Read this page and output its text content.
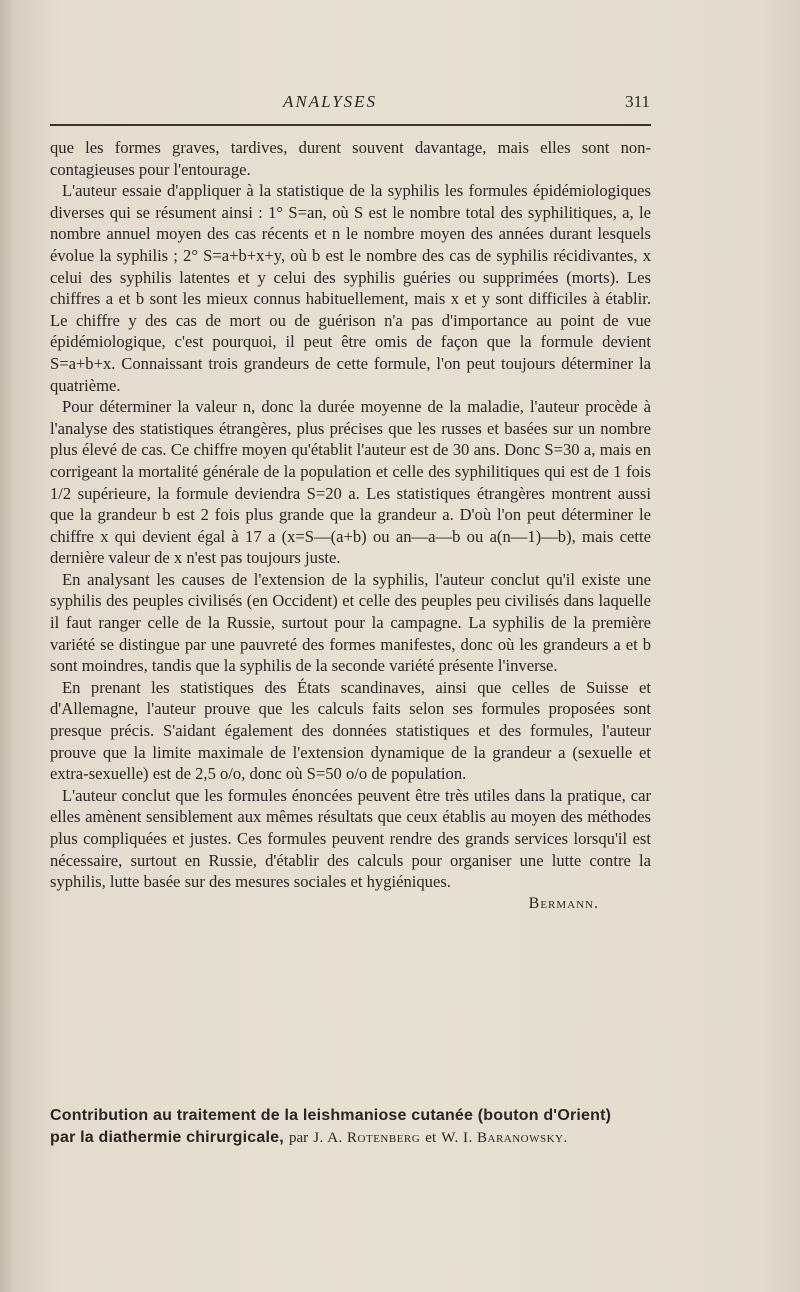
ANALYSES	311

que les formes graves, tardives, durent souvent davantage, mais elles sont non-contagieuses pour l'entourage.

L'auteur essaie d'appliquer à la statistique de la syphilis les formules épidémiologiques diverses qui se résument ainsi : 1° S=an, où S est le nombre total des syphilitiques, a, le nombre annuel moyen des cas récents et n le nombre moyen des années durant lesquels évolue la syphilis ; 2° S=a+b+x+y, où b est le nombre des cas de syphilis récidivantes, x celui des syphilis latentes et y celui des syphilis guéries ou supprimées (morts). Les chiffres a et b sont les mieux connus habituellement, mais x et y sont difficiles à établir. Le chiffre y des cas de mort ou de guérison n'a pas d'importance au point de vue épidémiologique, c'est pourquoi, il peut être omis de façon que la formule devient S=a+b+x. Connaissant trois grandeurs de cette formule, l'on peut toujours déterminer la quatrième.

Pour déterminer la valeur n, donc la durée moyenne de la maladie, l'auteur procède à l'analyse des statistiques étrangères, plus précises que les russes et basées sur un nombre plus élevé de cas. Ce chiffre moyen qu'établit l'auteur est de 30 ans. Donc S=30 a, mais en corrigeant la mortalité générale de la population et celle des syphilitiques qui est de 1 fois 1/2 supérieure, la formule deviendra S=20 a. Les statistiques étrangères montrent aussi que la grandeur b est 2 fois plus grande que la grandeur a. D'où l'on peut déterminer le chiffre x qui devient égal à 17 a (x=S—(a+b) ou an—a—b ou a(n—1)—b), mais cette dernière valeur de x n'est pas toujours juste.

En analysant les causes de l'extension de la syphilis, l'auteur conclut qu'il existe une syphilis des peuples civilisés (en Occident) et celle des peuples peu civilisés dans laquelle il faut ranger celle de la Russie, surtout pour la campagne. La syphilis de la première variété se distingue par une pauvreté des formes manifestes, donc où les grandeurs a et b sont moindres, tandis que la syphilis de la seconde variété présente l'inverse.

En prenant les statistiques des États scandinaves, ainsi que celles de Suisse et d'Allemagne, l'auteur prouve que les calculs faits selon ses formules proposées sont presque précis. S'aidant également des données statistiques et des formules, l'auteur prouve que la limite maximale de l'extension dynamique de la grandeur a (sexuelle et extra-sexuelle) est de 2,5 o/o, donc où S=50 o/o de population.

L'auteur conclut que les formules énoncées peuvent être très utiles dans la pratique, car elles amènent sensiblement aux mêmes résultats que ceux établis au moyen des méthodes plus compliquées et justes. Ces formules peuvent rendre des grands services lorsqu'il est nécessaire, surtout en Russie, d'établir des calculs pour organiser une lutte contre la syphilis, lutte basée sur des mesures sociales et hygiéniques.

Bermann.
Contribution au traitement de la leishmaniose cutanée (bouton d'Orient)
par la diathermie chirurgicale, par J. A. Rotenberg et W. I. Baranowsky.
